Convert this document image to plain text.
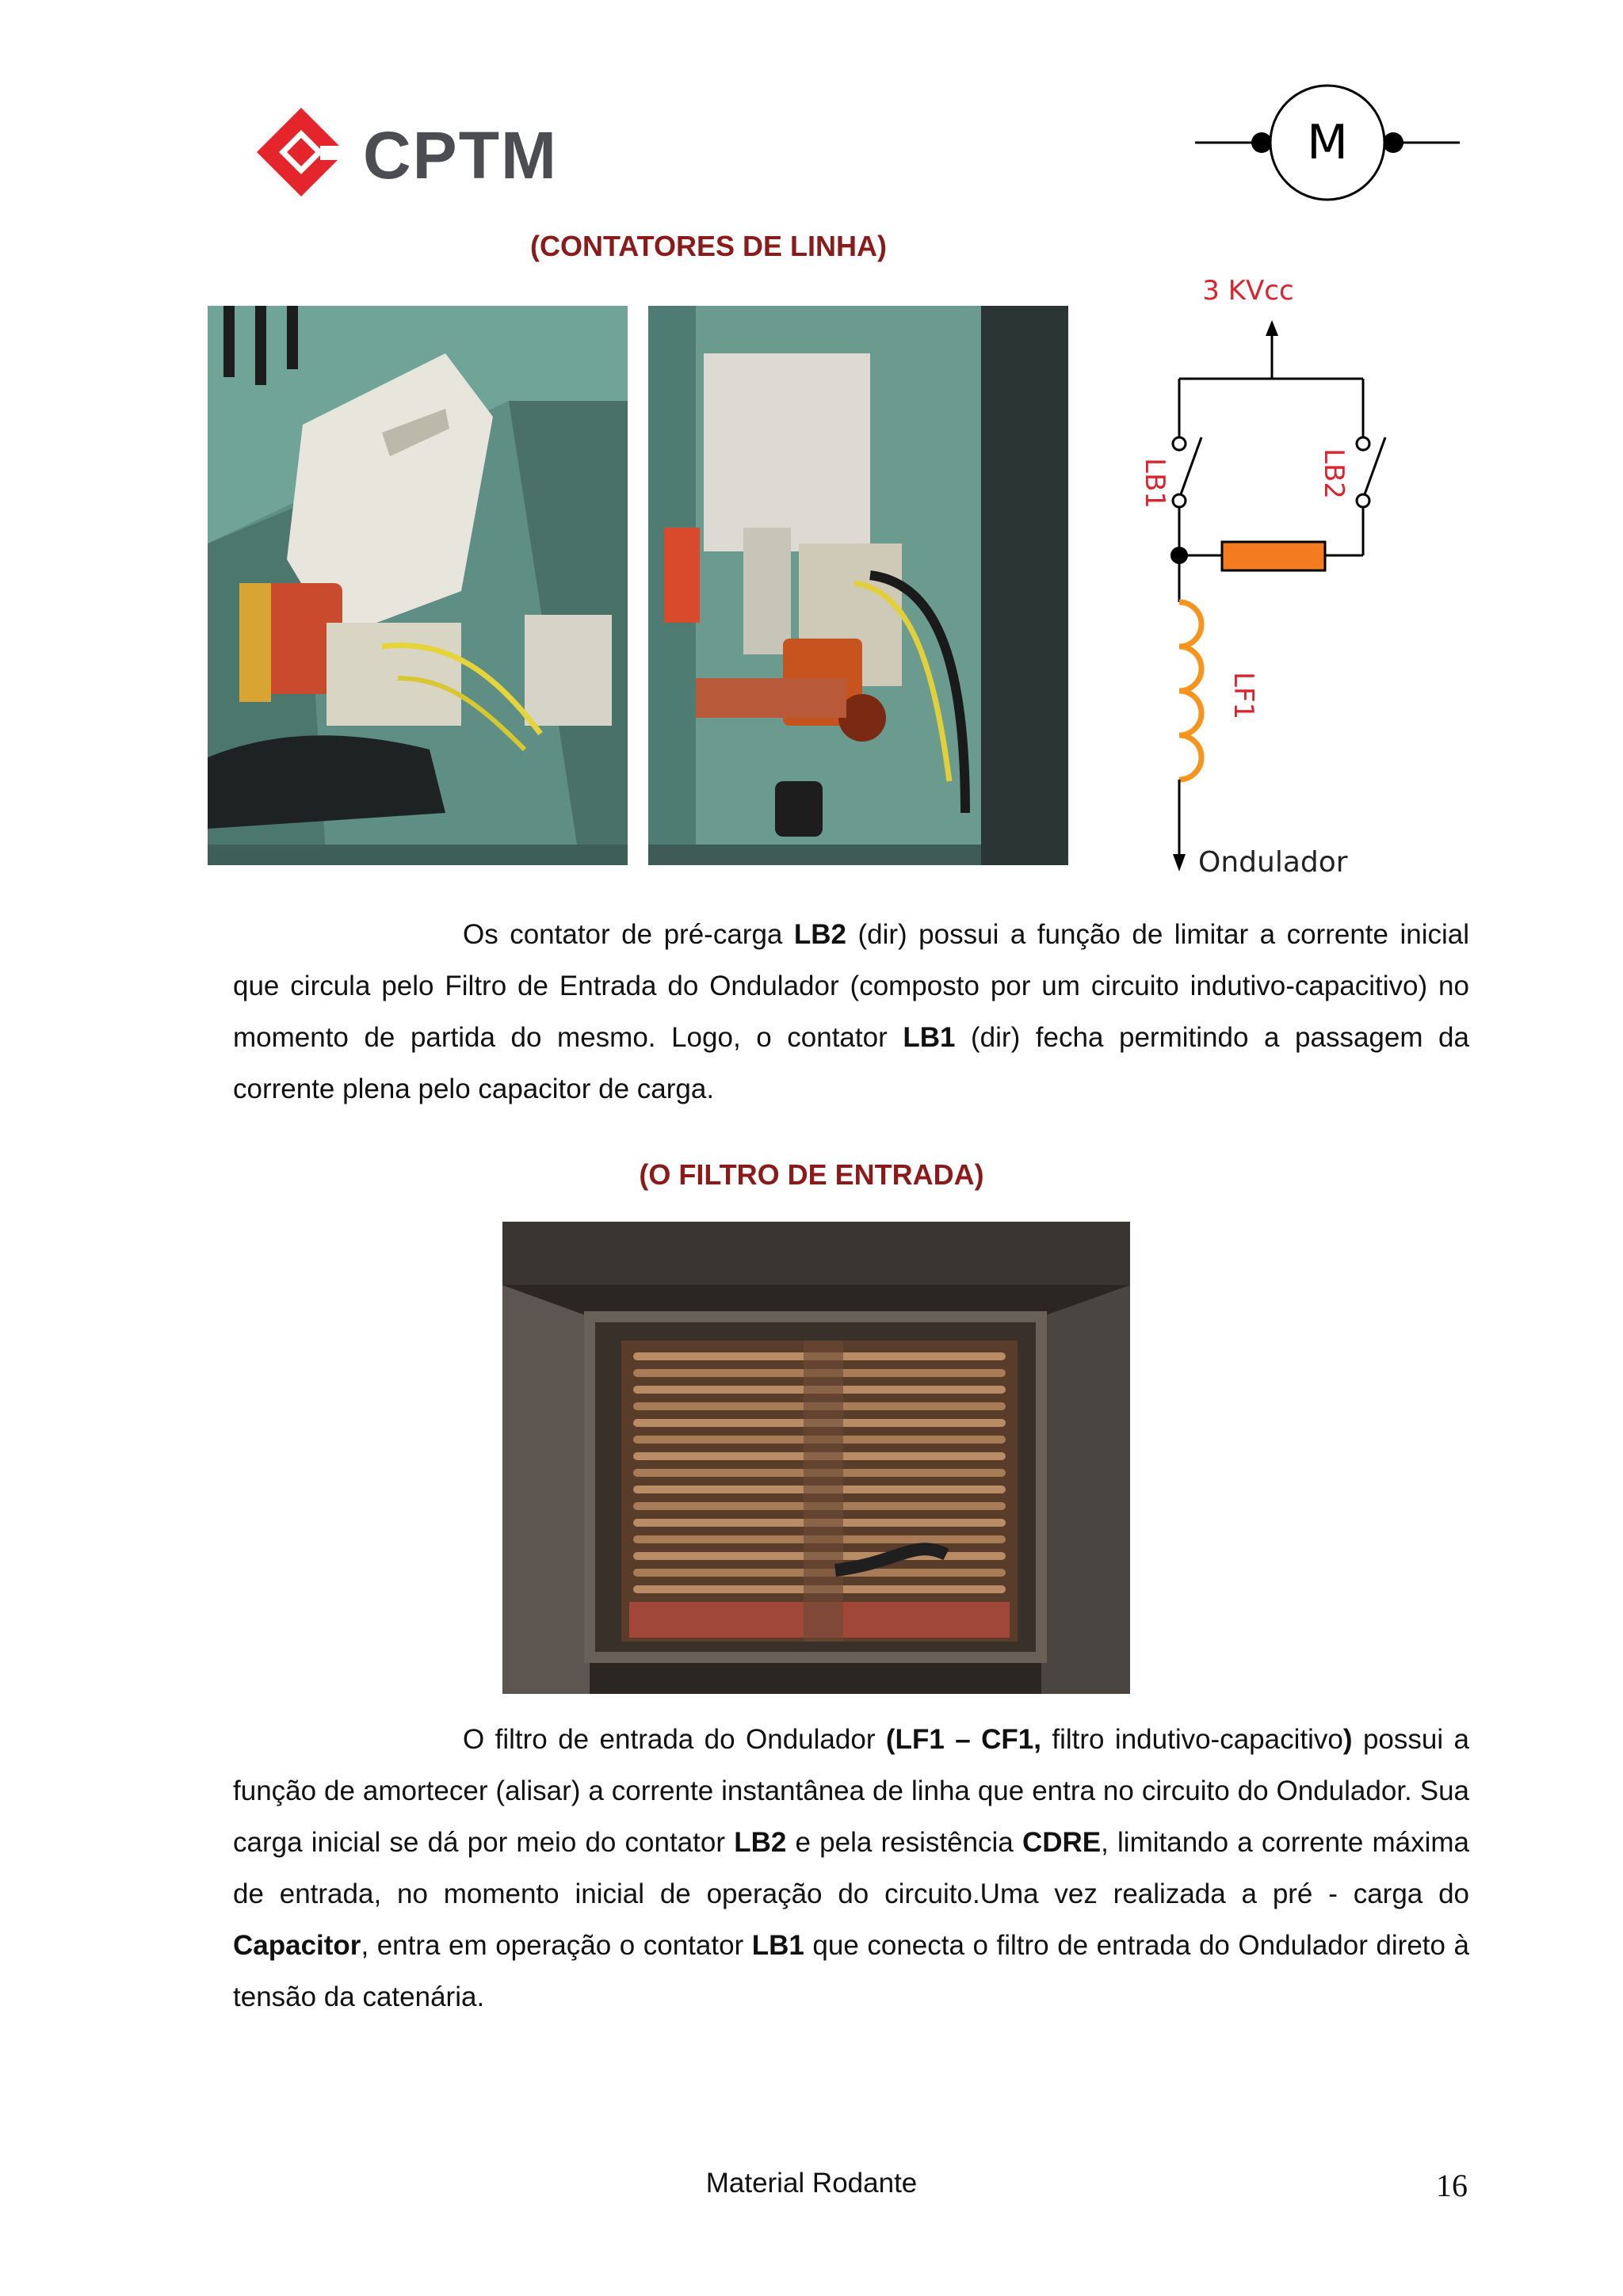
CPTM	M
(CONTATORES DE LINHA)
3 KVcc
LB1	LB2
LF1
Ondulador

Os contator de pré-carga LB2 (dir) possui a função de limitar a corrente inicial que circula pelo Filtro de Entrada do Ondulador (composto por um circuito indutivo-capacitivo) no momento de partida do mesmo. Logo, o contator LB1 (dir) fecha permitindo a passagem da corrente plena pelo capacitor de carga.

(O FILTRO DE ENTRADA)

O filtro de entrada do Ondulador (LF1 – CF1, filtro indutivo-capacitivo) possui a função de amortecer (alisar) a corrente instantânea de linha que entra no circuito do Ondulador. Sua carga inicial se dá por meio do contator LB2 e pela resistência CDRE, limitando a corrente máxima de entrada, no momento inicial de operação do circuito.Uma vez realizada a pré - carga do Capacitor, entra em operação o contator LB1 que conecta o filtro de entrada do Ondulador direto à tensão da catenária.

Material Rodante	16
